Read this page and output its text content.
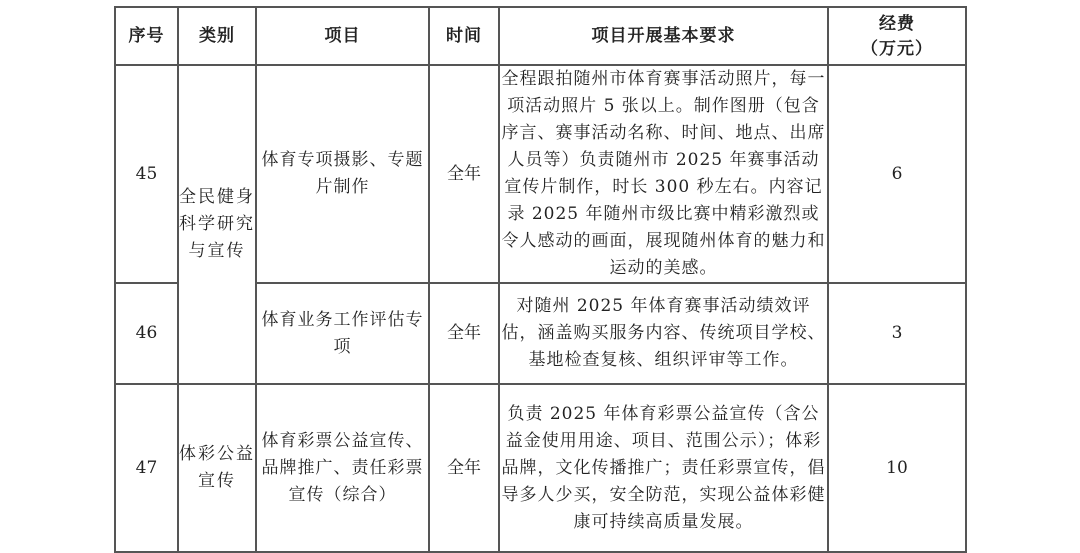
序号	类别	项目	时间	项目开展基本要求	经费
（万元）

45	全民健身科学研究与宣传	体育专项摄影、专题片制作	全年	全程跟拍随州市体育赛事活动照片，每一项活动照片 5 张以上。制作图册（包含序言、赛事活动名称、时间、地点、出席人员等）负责随州市 2025 年赛事活动宣传片制作，时长 300 秒左右。内容记录 2025 年随州市级比赛中精彩激烈或令人感动的画面，展现随州体育的魅力和运动的美感。	6
46		体育业务工作评估专项	全年	对随州 2025 年体育赛事活动绩效评估，涵盖购买服务内容、传统项目学校、基地检查复核、组织评审等工作。	3
47	体彩公益宣传	体育彩票公益宣传、品牌推广、责任彩票宣传（综合）	全年	负责 2025 年体育彩票公益宣传（含公益金使用用途、项目、范围公示）；体彩品牌，文化传播推广；责任彩票宣传，倡导多人少买，安全防范，实现公益体彩健康可持续高质量发展。	10
